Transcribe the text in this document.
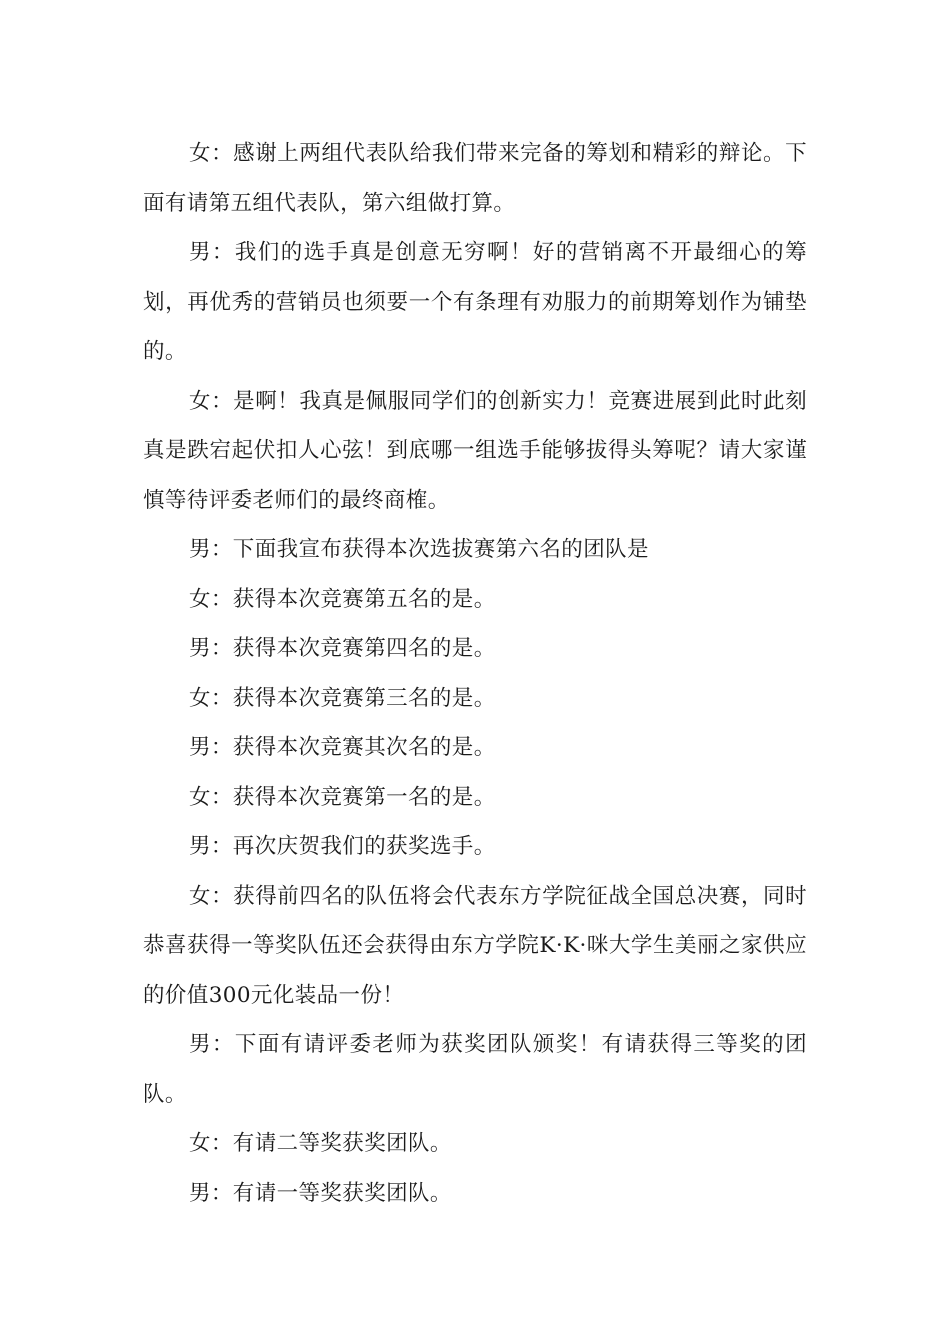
女：感谢上两组代表队给我们带来完备的筹划和精彩的辩论。下面有请第五组代表队，第六组做打算。

男：我们的选手真是创意无穷啊！好的营销离不开最细心的筹划，再优秀的营销员也须要一个有条理有劝服力的前期筹划作为铺垫的。

女：是啊！我真是佩服同学们的创新实力！竞赛进展到此时此刻真是跌宕起伏扣人心弦！到底哪一组选手能够拔得头筹呢？请大家谨慎等待评委老师们的最终商榷。

男：下面我宣布获得本次选拔赛第六名的团队是

女：获得本次竞赛第五名的是。

男：获得本次竞赛第四名的是。

女：获得本次竞赛第三名的是。

男：获得本次竞赛其次名的是。

女：获得本次竞赛第一名的是。

男：再次庆贺我们的获奖选手。

女：获得前四名的队伍将会代表东方学院征战全国总决赛，同时恭喜获得一等奖队伍还会获得由东方学院K·K·咪大学生美丽之家供应的价值300元化装品一份！

男：下面有请评委老师为获奖团队颁奖！有请获得三等奖的团队。

女：有请二等奖获奖团队。

男：有请一等奖获奖团队。
